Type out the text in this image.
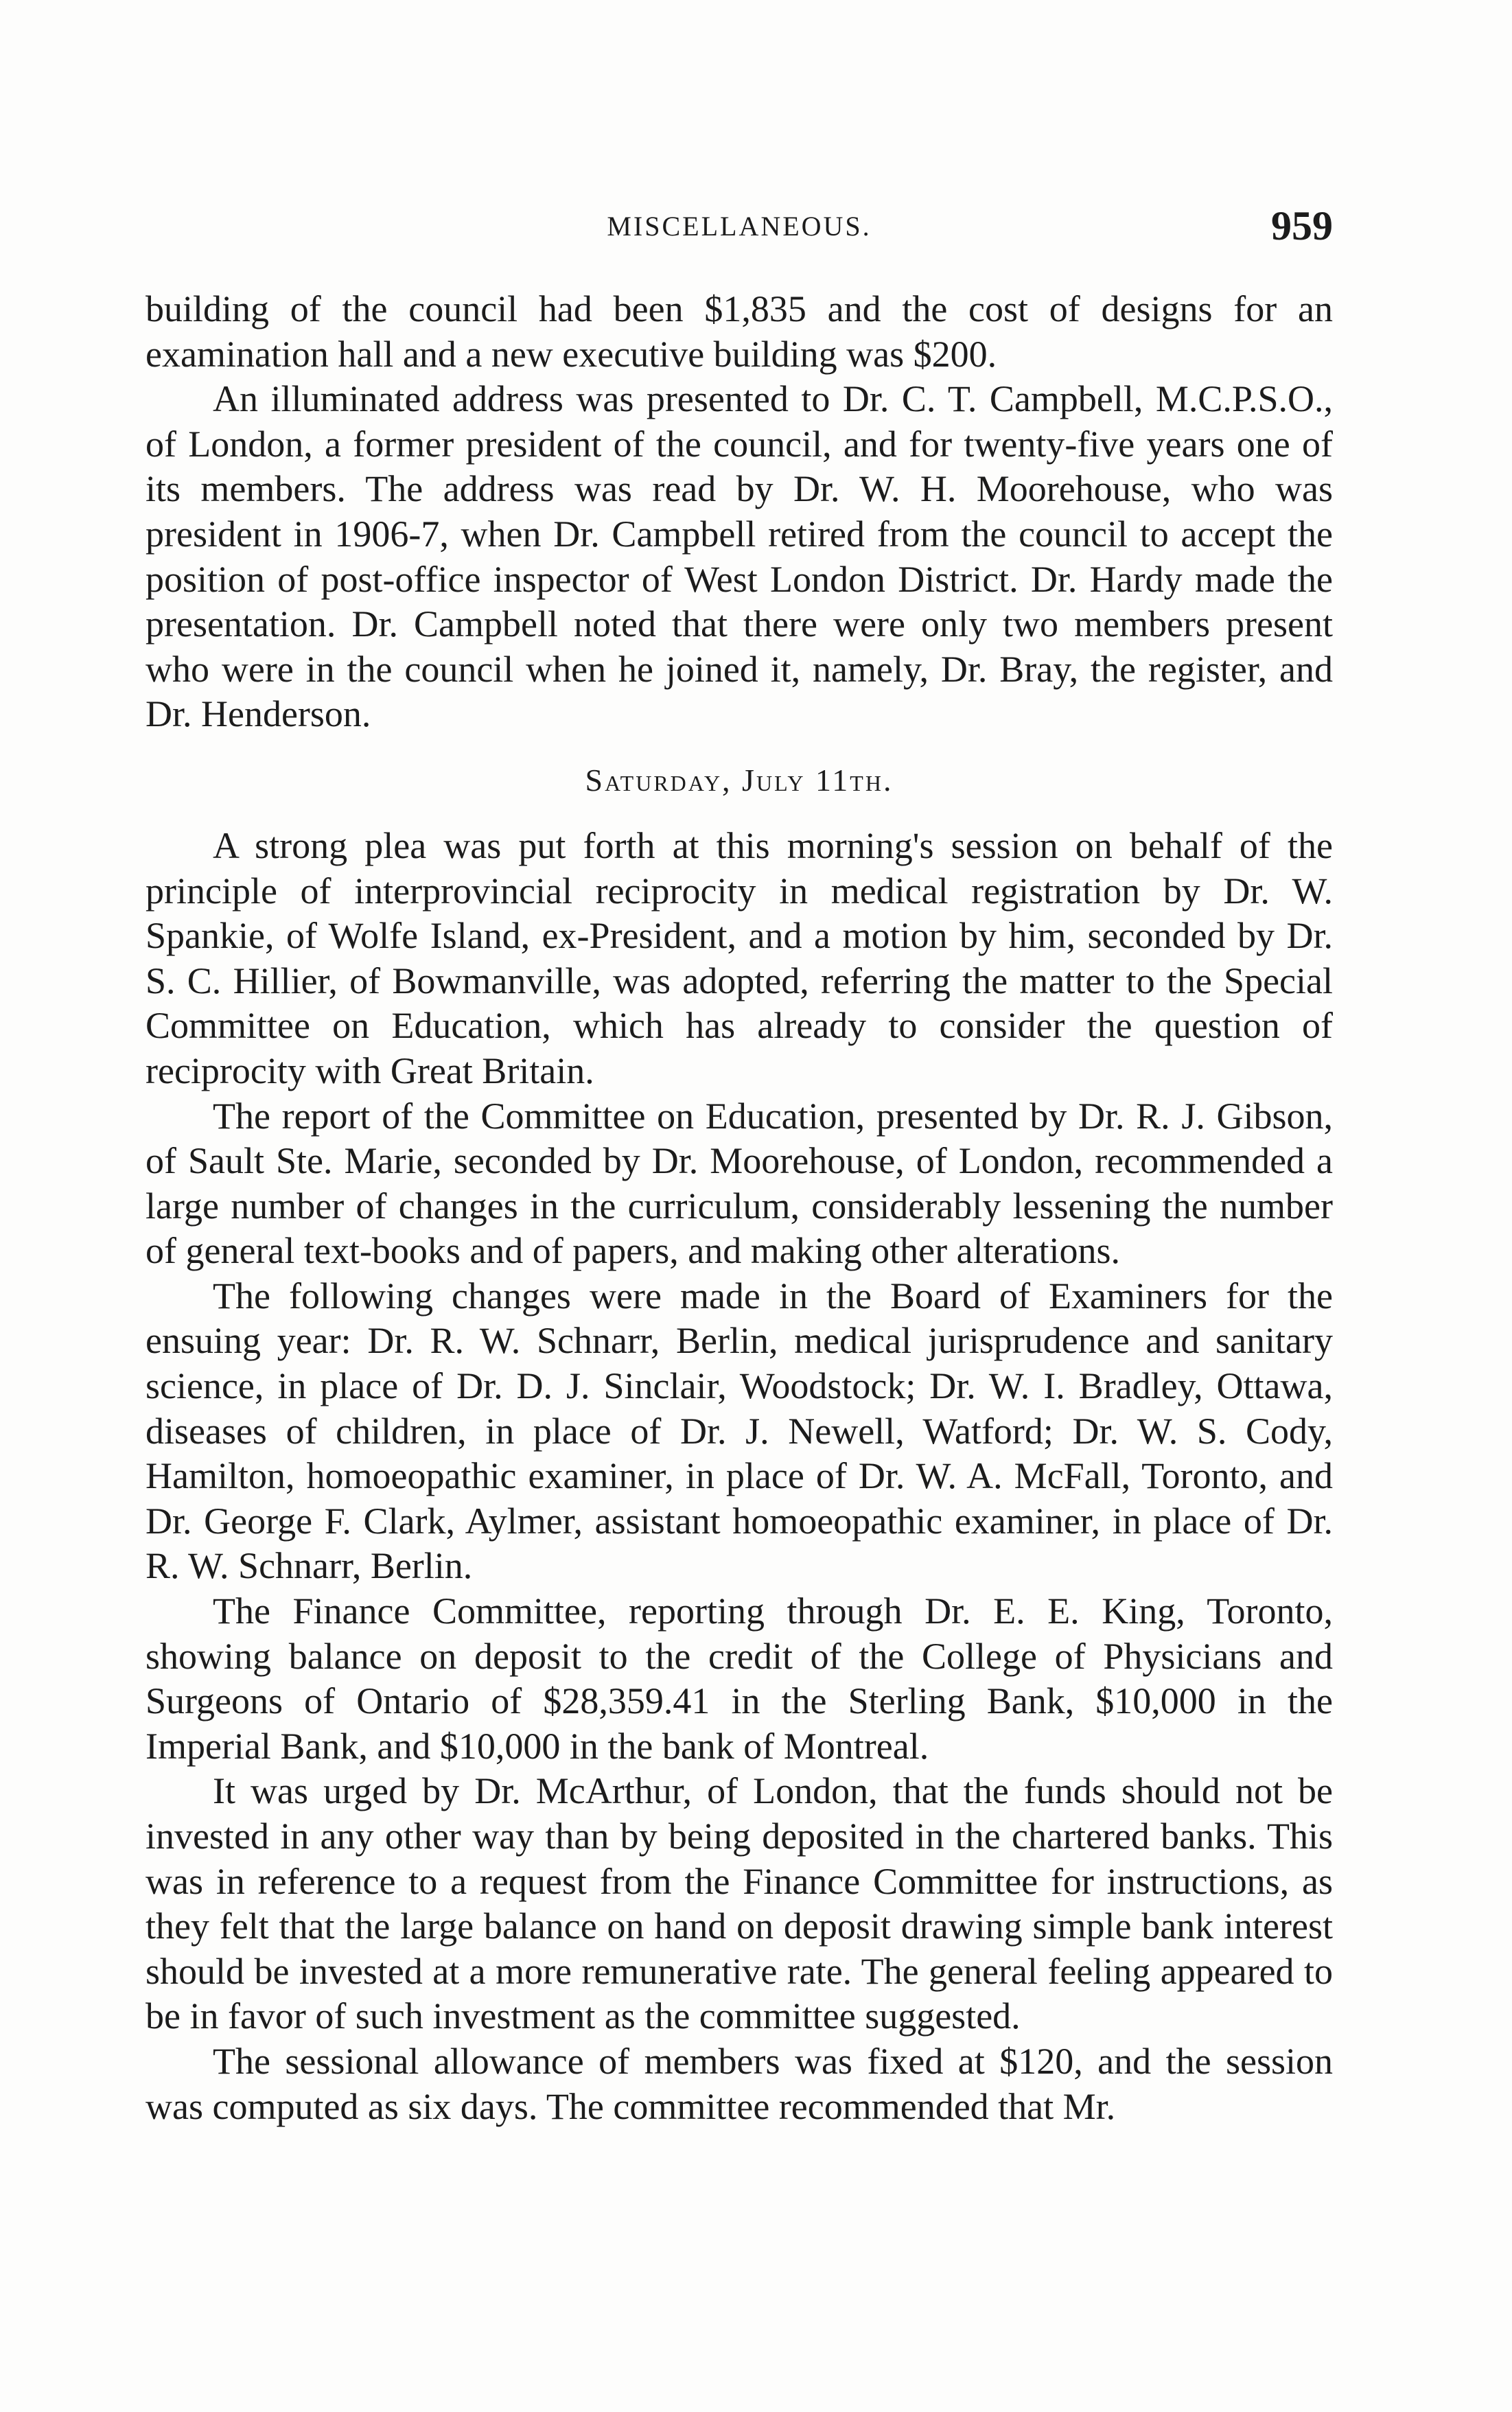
MISCELLANEOUS.	959

building of the council had been $1,835 and the cost of designs for an examination hall and a new executive building was $200.

An illuminated address was presented to Dr. C. T. Campbell, M.C.P.S.O., of London, a former president of the council, and for twenty-five years one of its members. The address was read by Dr. W. H. Moorehouse, who was president in 1906-7, when Dr. Campbell retired from the council to accept the position of post-office inspector of West London District. Dr. Hardy made the presentation. Dr. Campbell noted that there were only two members present who were in the council when he joined it, namely, Dr. Bray, the register, and Dr. Henderson.

Saturday, July 11th.

A strong plea was put forth at this morning's session on behalf of the principle of interprovincial reciprocity in medical registration by Dr. W. Spankie, of Wolfe Island, ex-President, and a motion by him, seconded by Dr. S. C. Hillier, of Bowmanville, was adopted, referring the matter to the Special Committee on Education, which has already to consider the question of reciprocity with Great Britain.

The report of the Committee on Education, presented by Dr. R. J. Gibson, of Sault Ste. Marie, seconded by Dr. Moorehouse, of London, recommended a large number of changes in the curriculum, considerably lessening the number of general text-books and of papers, and making other alterations.

The following changes were made in the Board of Examiners for the ensuing year: Dr. R. W. Schnarr, Berlin, medical jurisprudence and sanitary science, in place of Dr. D. J. Sinclair, Woodstock; Dr. W. I. Bradley, Ottawa, diseases of children, in place of Dr. J. Newell, Watford; Dr. W. S. Cody, Hamilton, homoeopathic examiner, in place of Dr. W. A. McFall, Toronto, and Dr. George F. Clark, Aylmer, assistant homoeopathic examiner, in place of Dr. R. W. Schnarr, Berlin.

The Finance Committee, reporting through Dr. E. E. King, Toronto, showing balance on deposit to the credit of the College of Physicians and Surgeons of Ontario of $28,359.41 in the Sterling Bank, $10,000 in the Imperial Bank, and $10,000 in the bank of Montreal.

It was urged by Dr. McArthur, of London, that the funds should not be invested in any other way than by being deposited in the chartered banks. This was in reference to a request from the Finance Committee for instructions, as they felt that the large balance on hand on deposit drawing simple bank interest should be invested at a more remunerative rate. The general feeling appeared to be in favor of such investment as the committee suggested.

The sessional allowance of members was fixed at $120, and the session was computed as six days. The committee recommended that Mr.
